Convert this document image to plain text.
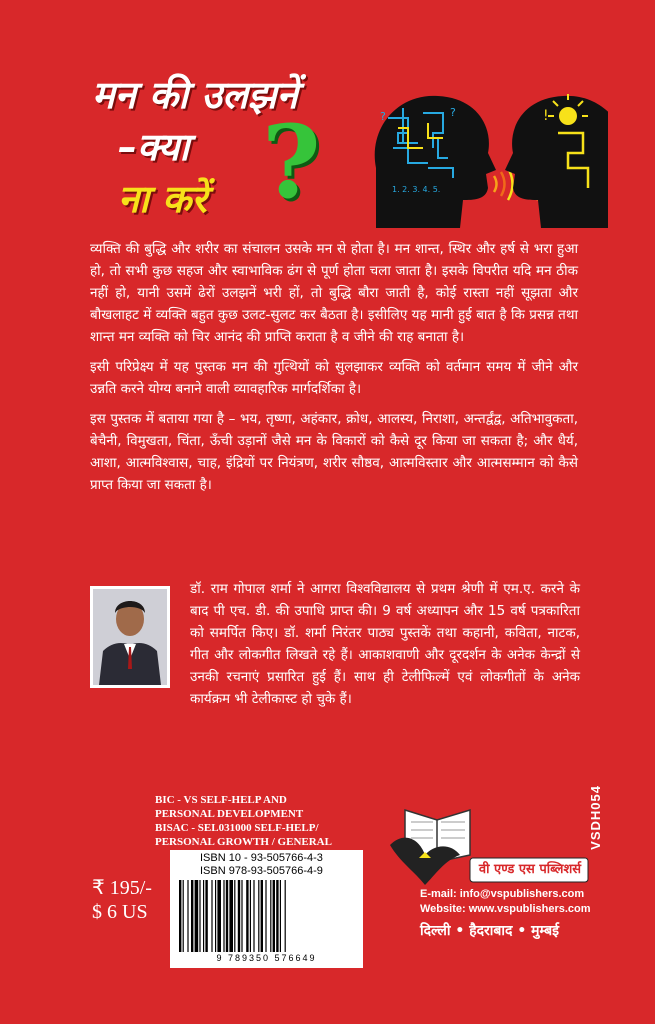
मन की उलझनें
–क्या
ना करें ?	?	?
1. 2. 3. 4. 5.
!

व्यक्ति की बुद्धि और शरीर का संचालन उसके मन से होता है। मन शान्त, स्थिर और हर्ष से भरा हुआ हो, तो सभी कुछ सहज और स्वाभाविक ढंग से पूर्ण होता चला जाता है। इसके विपरीत यदि मन ठीक नहीं हो, यानी उसमें ढेरों उलझनें भरी हों, तो बुद्धि बौरा जाती है, कोई रास्ता नहीं सूझता और बौखलाहट में व्यक्ति बहुत कुछ उलट-सुलट कर बैठता है। इसीलिए यह मानी हुई बात है कि प्रसन्न तथा शान्त मन व्यक्ति को चिर आनंद की प्राप्ति कराता है व जीने की राह बनाता है।

इसी परिप्रेक्ष्य में यह पुस्तक मन की गुत्थियों को सुलझाकर व्यक्ति को वर्तमान समय में जीने और उन्नति करने योग्य बनाने वाली व्यावहारिक मार्गदर्शिका है।

इस पुस्तक में बताया गया है – भय, तृष्णा, अहंकार, क्रोध, आलस्य, निराशा, अन्तर्द्वंद्व, अतिभावुकता, बेचैनी, विमुखता, चिंता, ऊँची उड़ानों जैसे मन के विकारों को कैसे दूर किया जा सकता है; और धैर्य, आशा, आत्मविश्वास, चाह, इंद्रियों पर नियंत्रण, शरीर सौष्ठव, आत्मविस्तार और आत्मसम्मान को कैसे प्राप्त किया जा सकता है।

डॉ. राम गोपाल शर्मा ने आगरा विश्वविद्यालय से प्रथम श्रेणी में एम.ए. करने के बाद पी एच. डी. की उपाधि प्राप्त की। 9 वर्ष अध्यापन और 15 वर्ष पत्रकारिता को समर्पित किए। डॉ. शर्मा निरंतर पाठ्य पुस्तकें तथा कहानी, कविता, नाटक, गीत और लोकगीत लिखते रहे हैं। आकाशवाणी और दूरदर्शन के अनेक केन्द्रों से उनकी रचनाएं प्रसारित हुई हैं। साथ ही टेलीफिल्में एवं लोकगीतों के अनेक कार्यक्रम भी टेलीकास्ट हो चुके हैं।
BIC - VS SELF-HELP AND
PERSONAL DEVELOPMENT
BISAC - SEL031000 SELF-HELP/
PERSONAL GROWTH / GENERAL
ISBN 10 - 93-505766-4-3
ISBN 978-93-505766-4-9
9 789350 576649
₹ 195/-
$ 6 US
VSDH054
वी एण्ड एस पब्लिशर्स
E-mail: info@vspublishers.com
Website: www.vspublishers.com
दिल्ली • हैदराबाद • मुम्बई
